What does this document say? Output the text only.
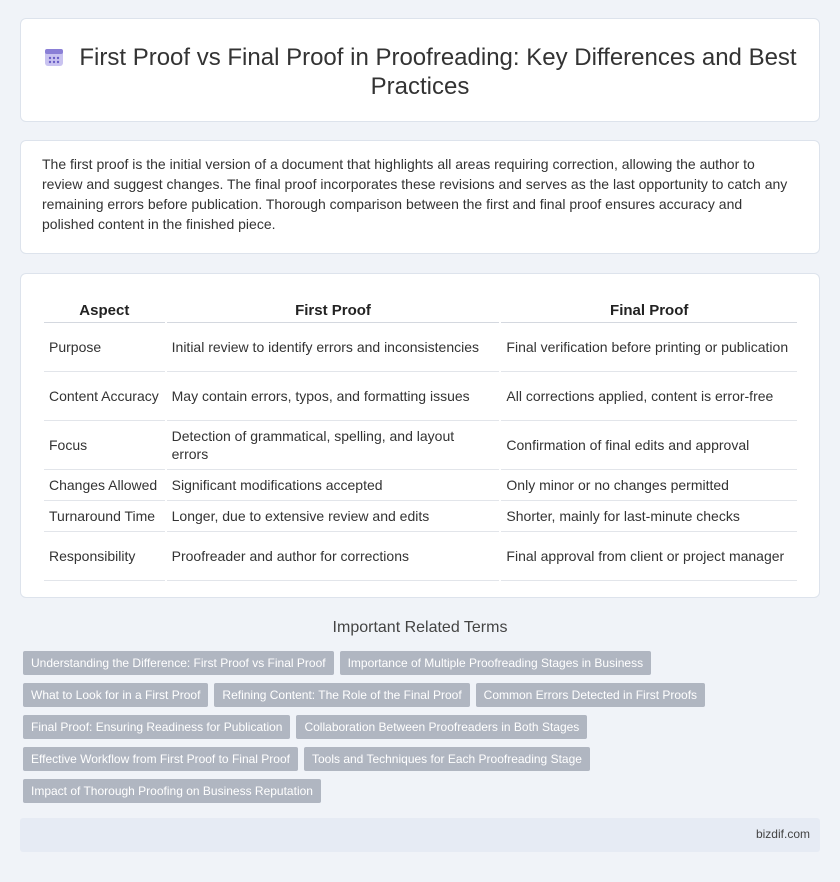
First Proof vs Final Proof in Proofreading: Key Differences and Best Practices

The first proof is the initial version of a document that highlights all areas requiring correction, allowing the author to review and suggest changes. The final proof incorporates these revisions and serves as the last opportunity to catch any remaining errors before publication. Thorough comparison between the first and final proof ensures accuracy and polished content in the finished piece.

Aspect	First Proof	Final Proof
Purpose	Initial review to identify errors and inconsistencies	Final verification before printing or publication
Content Accuracy	May contain errors, typos, and formatting issues	All corrections applied, content is error-free
Focus	Detection of grammatical, spelling, and layout errors	Confirmation of final edits and approval
Changes Allowed	Significant modifications accepted	Only minor or no changes permitted
Turnaround Time	Longer, due to extensive review and edits	Shorter, mainly for last-minute checks
Responsibility	Proofreader and author for corrections	Final approval from client or project manager
Important Related Terms
Understanding the Difference: First Proof vs Final Proof Importance of Multiple Proofreading Stages in Business
What to Look for in a First Proof Refining Content: The Role of the Final Proof Common Errors Detected in First Proofs
Final Proof: Ensuring Readiness for Publication Collaboration Between Proofreaders in Both Stages
Effective Workflow from First Proof to Final Proof Tools and Techniques for Each Proofreading Stage
Impact of Thorough Proofing on Business Reputation
bizdif.com
